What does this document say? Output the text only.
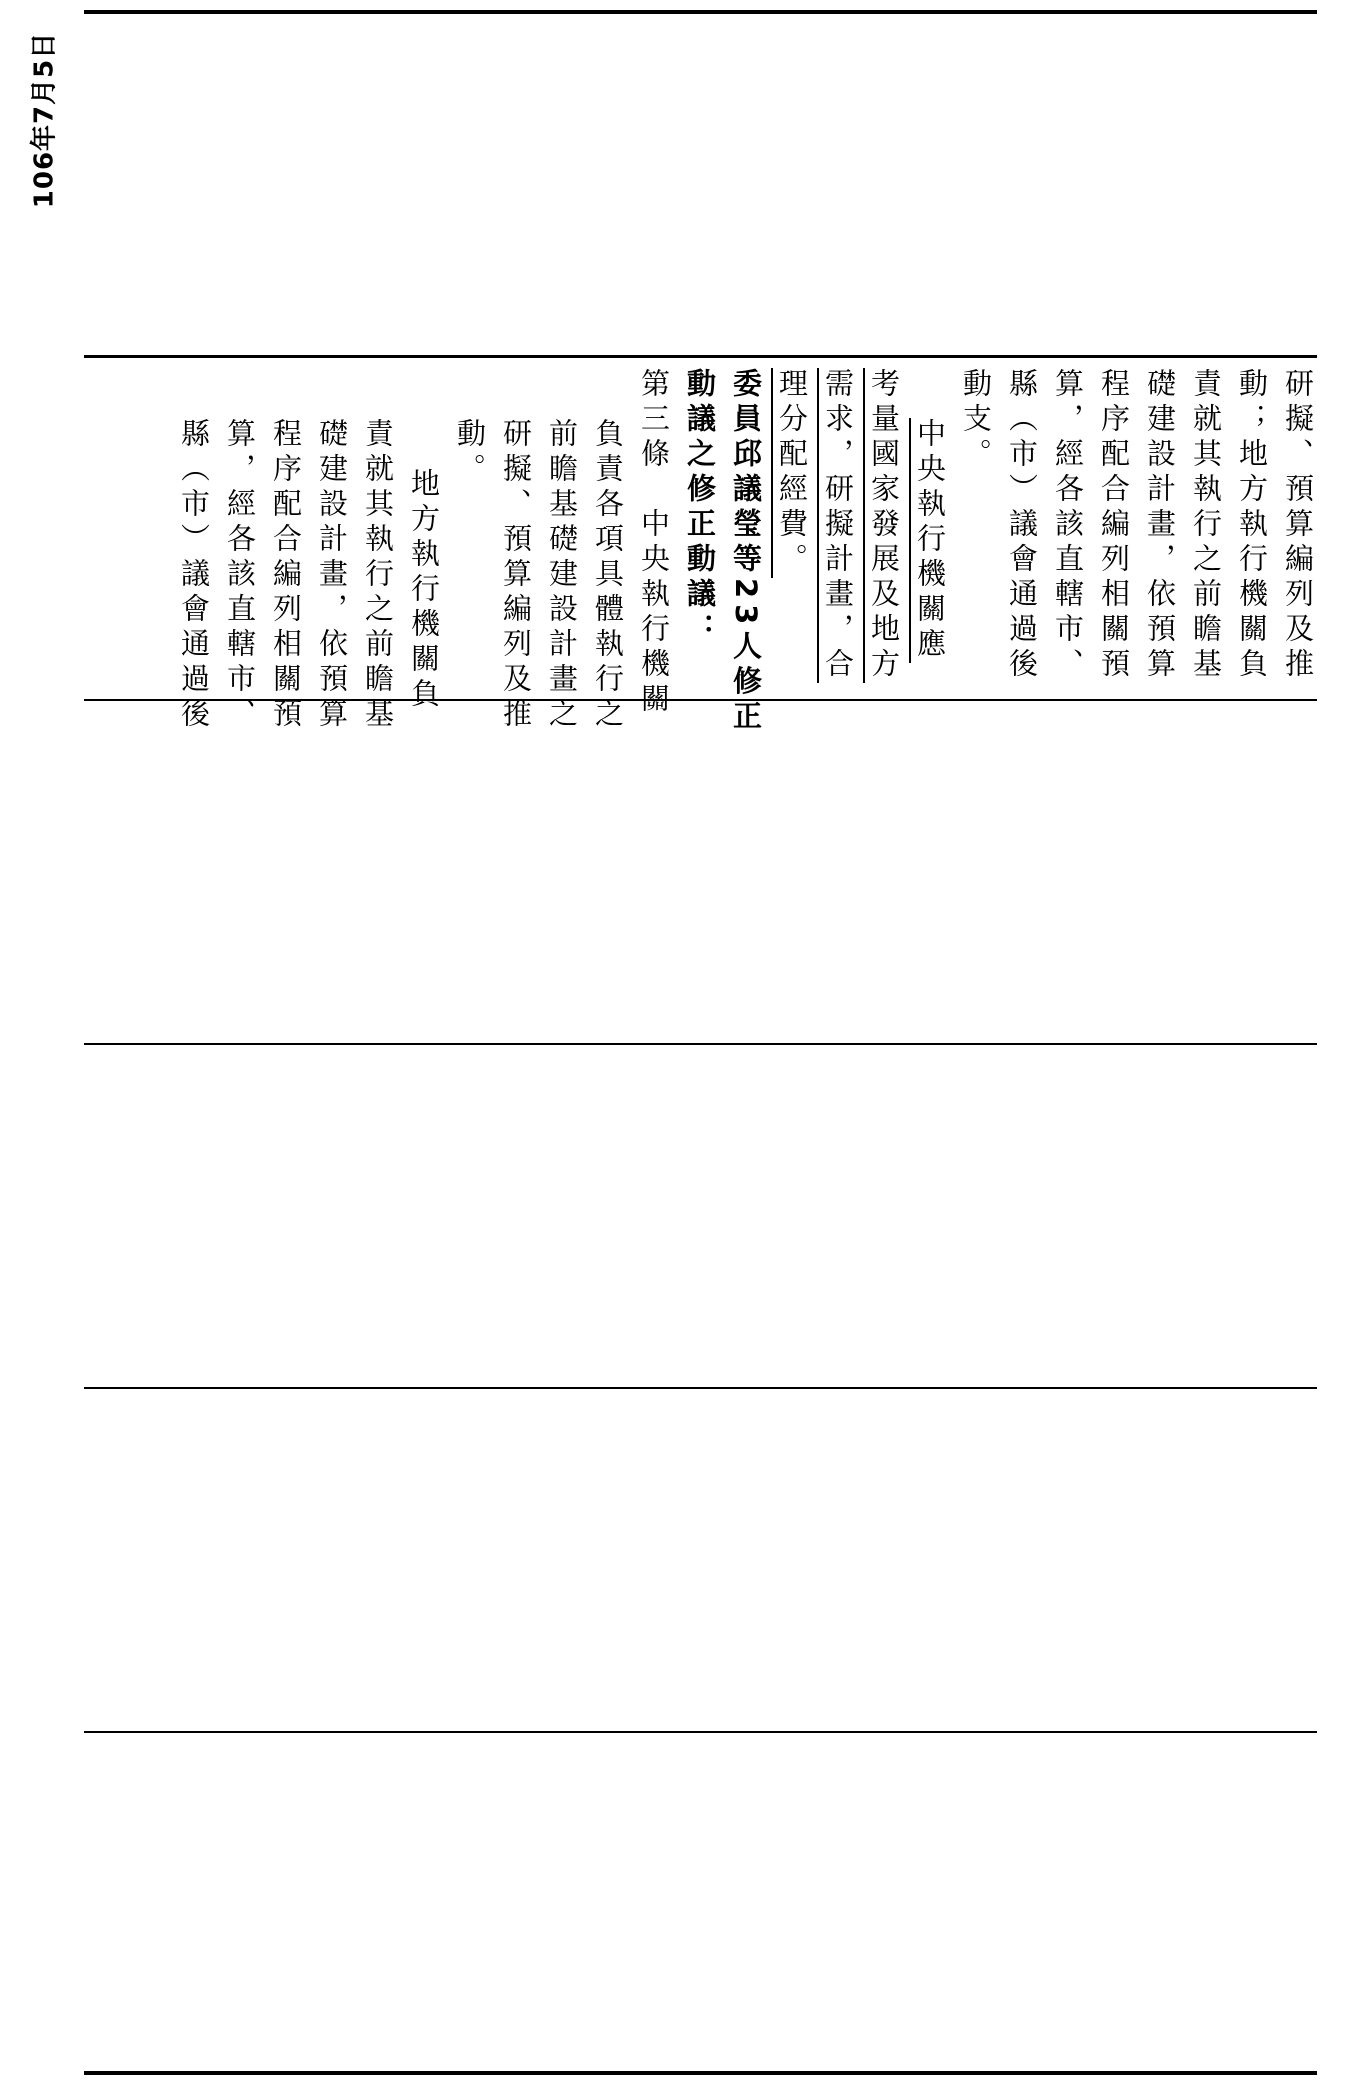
106年7月5日
研擬、預算編列及推
動；地方執行機關負
責就其執行之前瞻基
礎建設計畫，依預算
程序配合編列相關預
算，經各該直轄市、
縣（市）議會通過後
動支。
中央執行機關應
考量國家發展及地方
需求，研擬計畫，合
理分配經費。
委員邱議瑩等23人修正
動議之修正動議：
第三條　中央執行機關
負責各項具體執行之
前瞻基礎建設計畫之
研擬、預算編列及推
動。
地方執行機關負
責就其執行之前瞻基
礎建設計畫，依預算
程序配合編列相關預
算，經各該直轄市、
縣（市）議會通過後
